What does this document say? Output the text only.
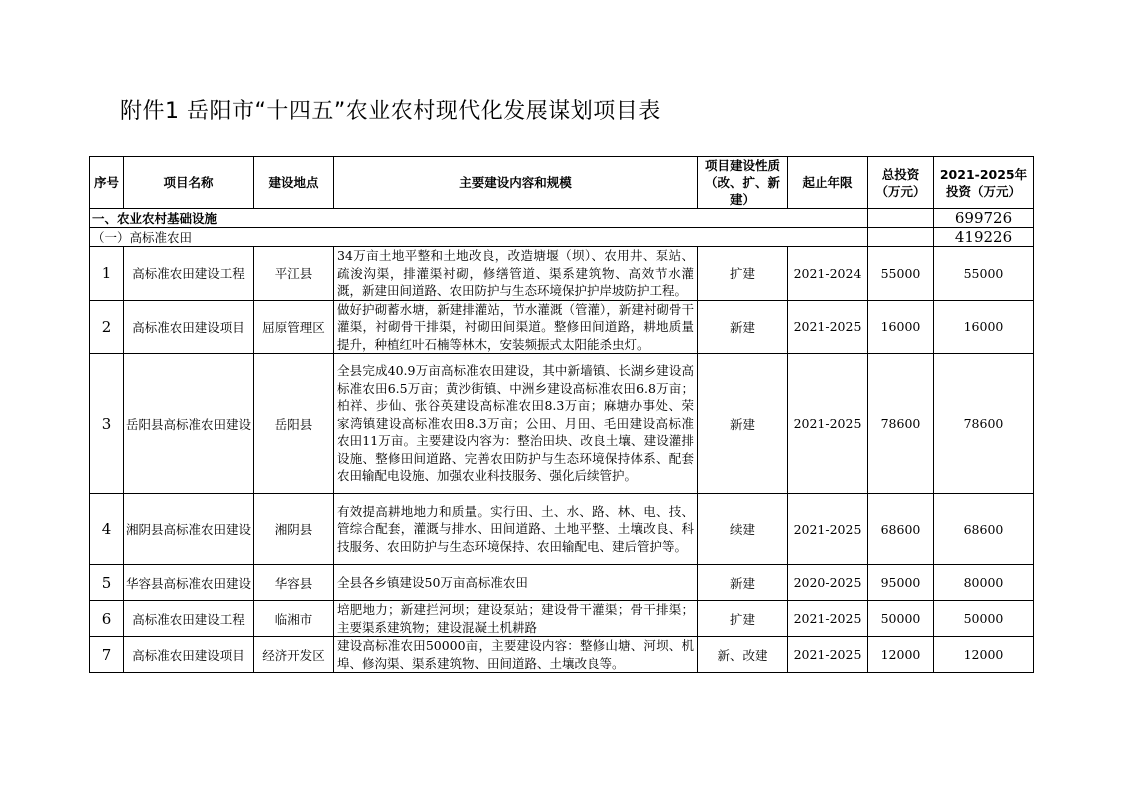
附件1 岳阳市“十四五”农业农村现代化发展谋划项目表
序号	项目名称	建设地点	主要建设内容和规模	项目建设性质（改、扩、新建）	起止年限	总投资（万元）	2021-2025年投资（万元）
一、农业农村基础设施							699726
（一）高标准农田							419226
1	高标准农田建设工程	平江县	34万亩土地平整和土地改良，改造塘堰（坝）、农用井、泵站、疏浚沟渠，排灌渠衬砌，修缮管道、渠系建筑物、高效节水灌溉，新建田间道路、农田防护与生态环境保护护岸坡防护工程。	扩建	2021-2024	55000	55000
2	高标准农田建设项目	屈原管理区	做好护砌蓄水塘，新建排灌站，节水灌溉（管灌），新建衬砌骨干灌渠，衬砌骨干排渠，衬砌田间渠道。整修田间道路，耕地质量提升，种植红叶石楠等林木，安装频振式太阳能杀虫灯。	新建	2021-2025	16000	16000
3	岳阳县高标准农田建设	岳阳县	全县完成40.9万亩高标准农田建设，其中新墙镇、长湖乡建设高标准农田6.5万亩；黄沙街镇、中洲乡建设高标准农田6.8万亩；柏祥、步仙、张谷英建设高标准农田8.3万亩；麻塘办事处、荣家湾镇建设高标准农田8.3万亩；公田、月田、毛田建设高标准农田11万亩。主要建设内容为：整治田块、改良土壤、建设灌排设施、整修田间道路、完善农田防护与生态环境保持体系、配套农田输配电设施、加强农业科技服务、强化后续管护。	新建	2021-2025	78600	78600
4	湘阴县高标准农田建设	湘阴县	有效提高耕地地力和质量。实行田、土、水、路、林、电、技、管综合配套，灌溉与排水、田间道路、土地平整、土壤改良、科技服务、农田防护与生态环境保持、农田输配电、建后管护等。	续建	2021-2025	68600	68600
5	华容县高标准农田建设	华容县	全县各乡镇建设50万亩高标准农田	新建	2020-2025	95000	80000
6	高标准农田建设工程	临湘市	培肥地力；新建拦河坝；建设泵站；建设骨干灌渠；骨干排渠；主要渠系建筑物；建设混凝土机耕路	扩建	2021-2025	50000	50000
7	高标准农田建设项目	经济开发区	建设高标准农田50000亩，主要建设内容：整修山塘、河坝、机埠、修沟渠、渠系建筑物、田间道路、土壤改良等。	新、改建	2021-2025	12000	12000
